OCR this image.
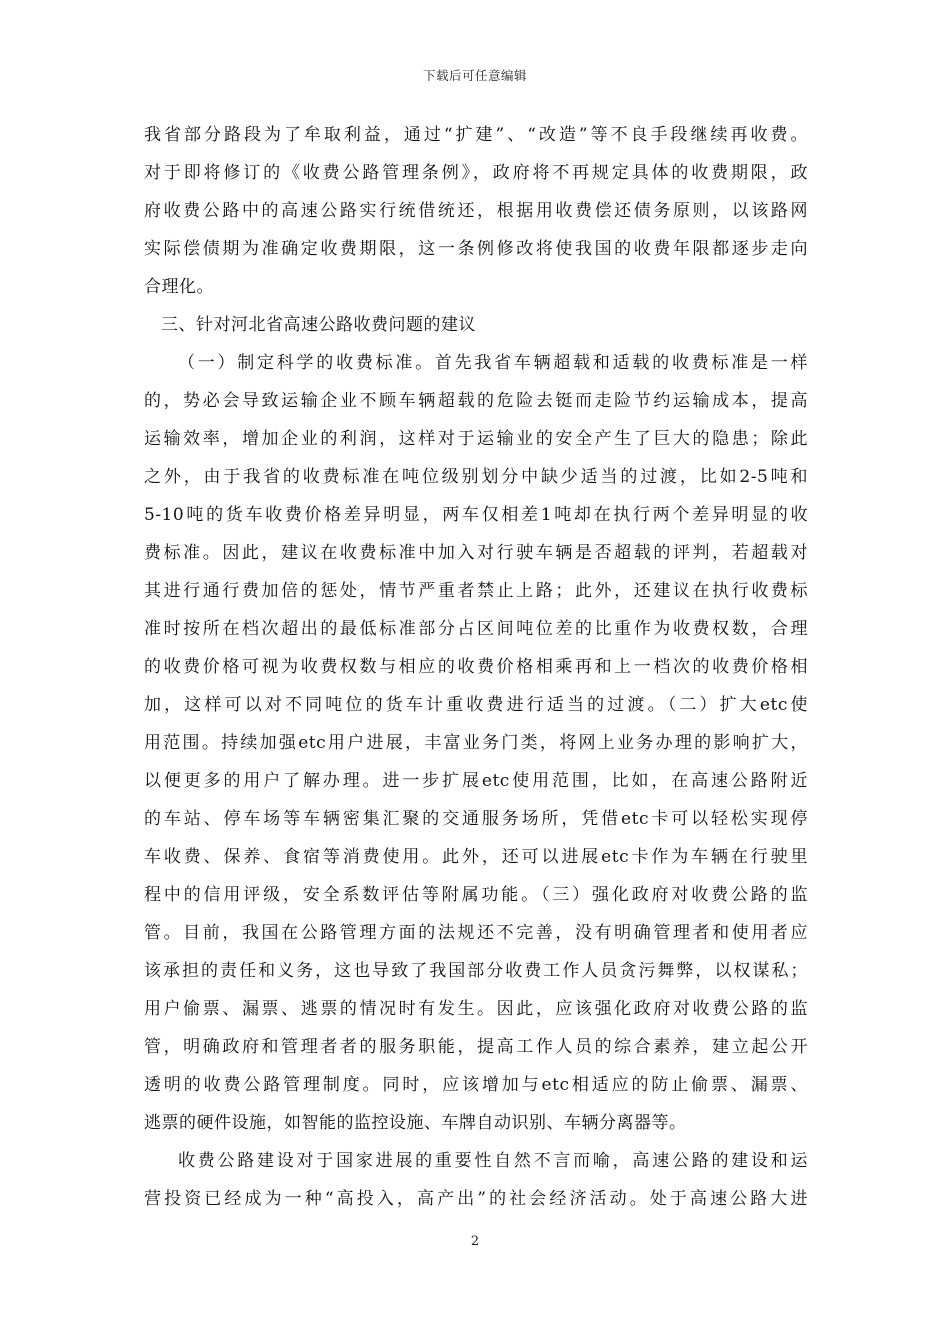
下载后可任意编辑
我省部分路段为了牟取利益，通过“扩建”、“改造”等不良手段继续再收费。
对于即将修订的《收费公路管理条例》，政府将不再规定具体的收费期限，政
府收费公路中的高速公路实行统借统还，根据用收费偿还债务原则，以该路网
实际偿债期为准确定收费期限，这一条例修改将使我国的收费年限都逐步走向
合理化。
三、针对河北省高速公路收费问题的建议
（一）制定科学的收费标准。首先我省车辆超载和适载的收费标准是一样
的，势必会导致运输企业不顾车辆超载的危险去铤而走险节约运输成本，提高
运输效率，增加企业的利润，这样对于运输业的安全产生了巨大的隐患；除此
之外，由于我省的收费标准在吨位级别划分中缺少适当的过渡，比如2-5吨和
5-10吨的货车收费价格差异明显，两车仅相差1吨却在执行两个差异明显的收
费标准。因此，建议在收费标准中加入对行驶车辆是否超载的评判，若超载对
其进行通行费加倍的惩处，情节严重者禁止上路；此外，还建议在执行收费标
准时按所在档次超出的最低标准部分占区间吨位差的比重作为收费权数，合理
的收费价格可视为收费权数与相应的收费价格相乘再和上一档次的收费价格相
加，这样可以对不同吨位的货车计重收费进行适当的过渡。（二）扩大etc使
用范围。持续加强etc用户进展，丰富业务门类，将网上业务办理的影响扩大，
以便更多的用户了解办理。进一步扩展etc使用范围，比如，在高速公路附近
的车站、停车场等车辆密集汇聚的交通服务场所，凭借etc卡可以轻松实现停
车收费、保养、食宿等消费使用。此外，还可以进展etc卡作为车辆在行驶里
程中的信用评级，安全系数评估等附属功能。（三）强化政府对收费公路的监
管。目前，我国在公路管理方面的法规还不完善，没有明确管理者和使用者应
该承担的责任和义务，这也导致了我国部分收费工作人员贪污舞弊，以权谋私；
用户偷票、漏票、逃票的情况时有发生。因此，应该强化政府对收费公路的监
管，明确政府和管理者者的服务职能，提高工作人员的综合素养，建立起公开
透明的收费公路管理制度。同时，应该增加与etc相适应的防止偷票、漏票、
逃票的硬件设施，如智能的监控设施、车牌自动识别、车辆分离器等。
收费公路建设对于国家进展的重要性自然不言而喻，高速公路的建设和运
营投资已经成为一种“高投入，高产出”的社会经济活动。处于高速公路大进
2
